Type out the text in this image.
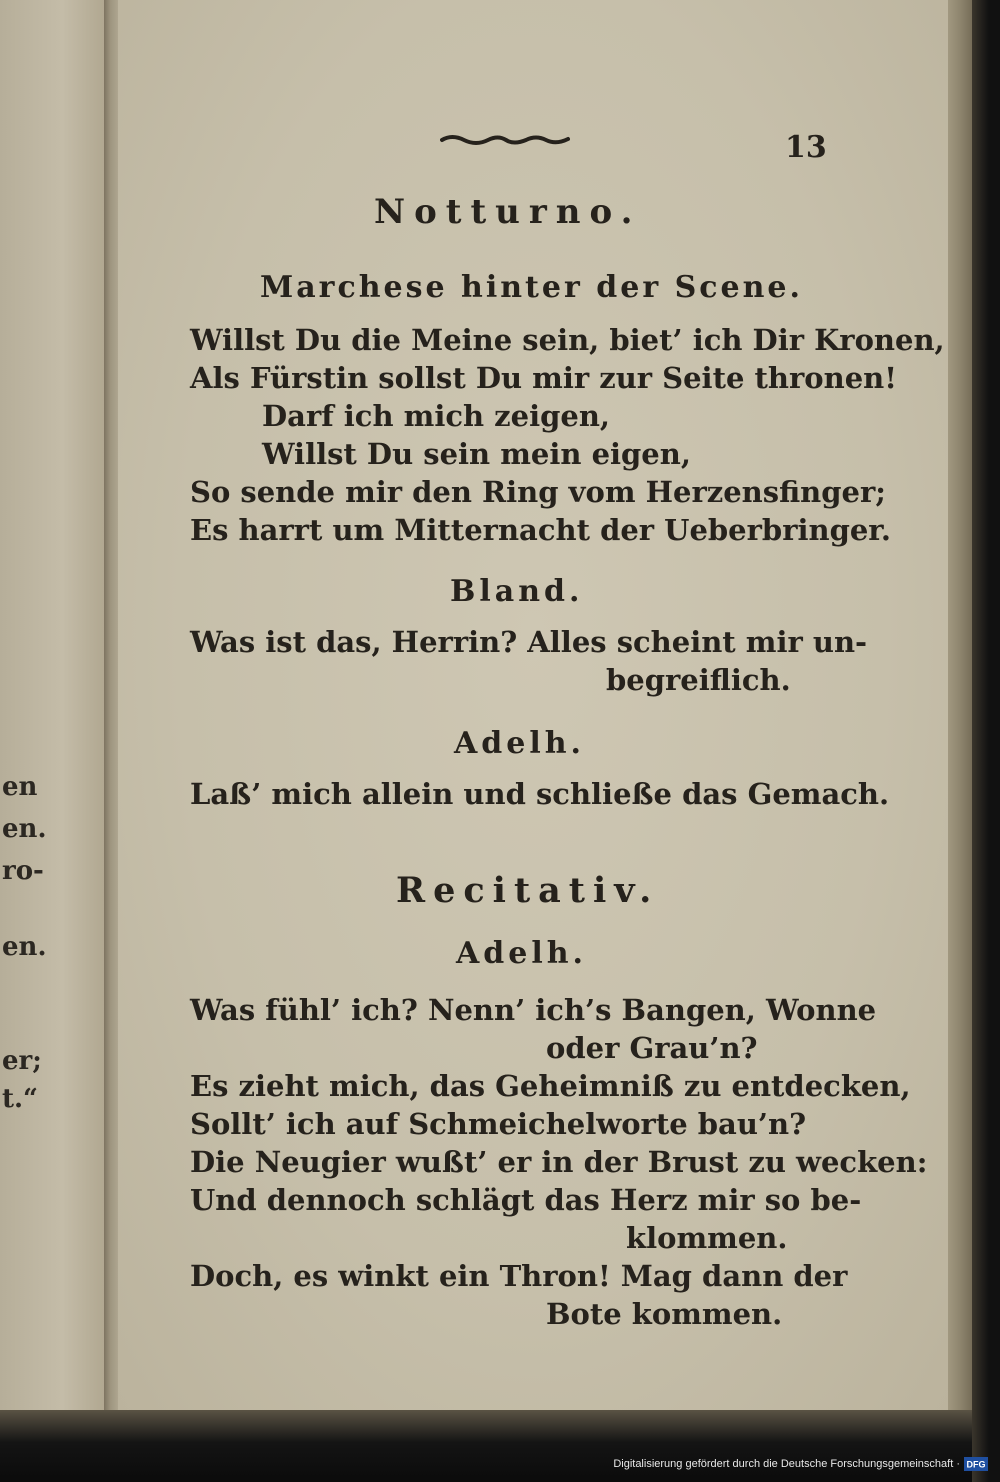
en
en.
ro-
en.
er;
t.“
13
Notturno.
Marchese hinter der Scene.
Willst Du die Meine sein, biet’ ich Dir Kronen,
Als Fürstin sollst Du mir zur Seite thronen!
Darf ich mich zeigen,
Willst Du sein mein eigen,
So sende mir den Ring vom Herzensfinger;
Es harrt um Mitternacht der Ueberbringer.
Bland.
Was ist das, Herrin? Alles scheint mir un-
begreiflich.
Adelh.
Laß’ mich allein und schließe das Gemach.
Recitativ.
Adelh.
Was fühl’ ich? Nenn’ ich’s Bangen, Wonne
oder Grau’n?
Es zieht mich, das Geheimniß zu entdecken,
Sollt’ ich auf Schmeichelworte bau’n?
Die Neugier wußt’ er in der Brust zu wecken:
Und dennoch schlägt das Herz mir so be-
klommen.
Doch, es winkt ein Thron! Mag dann der
Bote kommen.
Digitalisierung gefördert durch die Deutsche Forschungsgemeinschaft · DFG
